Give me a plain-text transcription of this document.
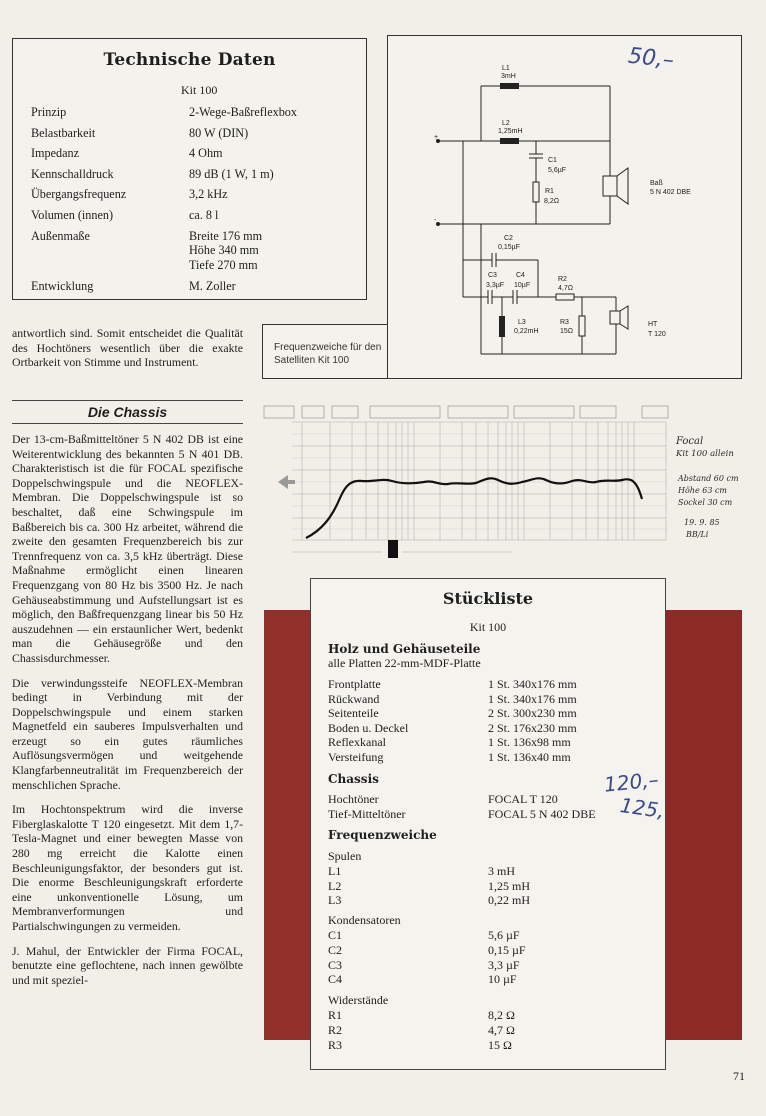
Technische Daten
Kit 100
Prinzip	2-Wege-Baßreflexbox

Belastbarkeit	80 W (DIN)

Impedanz	4 Ohm

Kennschalldruck	89 dB (1 W, 1 m)

Übergangsfrequenz	3,2 kHz

Volumen (innen)	ca. 8 l

Außenmaße	Breite 176 mm
Höhe 340 mm
Tiefe 270 mm

Entwicklung	M. Zoller

antwortlich sind. Somit entscheidet die Qualität des Hochtöners wesentlich über die exakte Ortbarkeit von Stimme und Instrument.

Die Chassis

Der 13-cm-Baßmitteltöner 5 N 402 DB ist eine Weiterentwicklung des bekannten 5 N 401 DB. Charakteristisch ist die für FOCAL spezifische Doppelschwingspule und die NEOFLEX-Membran. Die Doppelschwingspule ist so beschaltet, daß eine Schwingspule im Baßbereich bis ca. 300 Hz arbeitet, während die zweite den gesamten Frequenzbereich bis zur Trennfrequenz von ca. 3,5 kHz überträgt. Diese Maßnahme ermöglicht einen linearen Frequenzgang von 80 Hz bis 3500 Hz. Je nach Gehäuseabstimmung und Aufstellungsart ist es möglich, den Baßfrequenzgang linear bis 50 Hz auszudehnen — ein erstaunlicher Wert, bedenkt man die Gehäusegröße und den Chassisdurchmesser.

Die verwindungssteife NEOFLEX-Membran bedingt in Verbindung mit der Doppelschwingspule und einem starken Magnetfeld ein sauberes Impulsverhalten und erzeugt so ein gutes räumliches Auflösungsvermögen und weitgehende Klangfarbenneutralität im Frequenzbereich der menschlichen Sprache.

Im Hochtonspektrum wird die inverse Fiberglaskalotte T 120 eingesetzt. Mit dem 1,7-Tesla-Magnet und einer bewegten Masse von 280 mg erreicht die Kalotte einen Beschleunigungsfaktor, der besonders gut ist. Die enorme Beschleunigungskraft erforderte eine unkonventionelle Lösung, um Membranverformungen und Partialschwingungen zu vermeiden.

J. Mahul, der Entwickler der Firma FOCAL, benutzte eine geflochtene, nach innen gewölbte und mit speziel-

+
-
L1
3mH
L2
1,25mH
C1
5,6µF
R1
8,2Ω
Baß
5 N 402 DBE
C2
0,15µF
C3
3,3µF
C4
10µF
R2
4,7Ω
L3
0,22mH
R3
15Ω
HT
T 120
Frequenzweiche für den
Satelliten Kit 100
50,–
Focal
Kit 100 allein
Abstand 60 cm
Höhe 63 cm
Sockel 30 cm
19. 9. 85
BB/Li
Stückliste
Kit 100
Holz und Gehäuseteile
alle Platten 22-mm-MDF-Platte
Frontplatte	1 St. 340x176 mm
Rückwand	1 St. 340x176 mm
Seitenteile	2 St. 300x230 mm
Boden u. Deckel	2 St. 176x230 mm
Reflexkanal	1 St. 136x98 mm
Versteifung	1 St. 136x40 mm
Chassis
Hochtöner	FOCAL T 120
Tief-Mitteltöner	FOCAL 5 N 402 DBE
Frequenzweiche
Spulen
L1	3 mH
L2	1,25 mH
L3	0,22 mH
Kondensatoren
C1	5,6 µF
C2	0,15 µF
C3	3,3 µF
C4	10 µF
Widerstände
R1	8,2 Ω
R2	4,7 Ω
R3	15 Ω
120,–
125,
71
